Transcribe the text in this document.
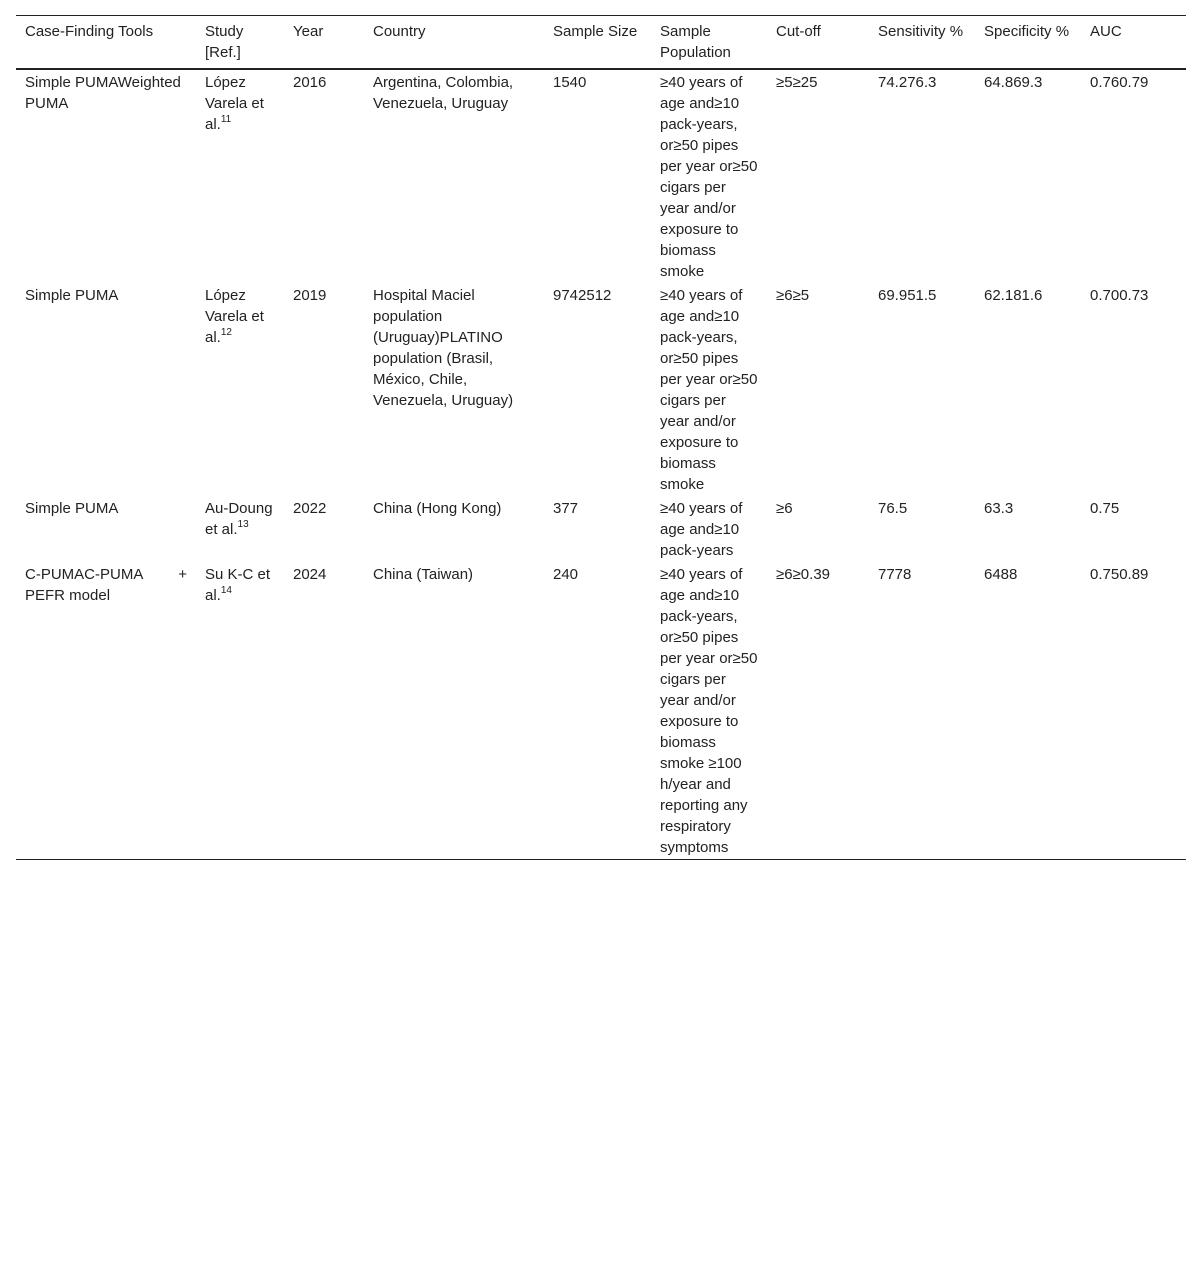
Case-Finding Tools	Study [Ref.]	Year	Country	Sample Size	Sample Population	Cut-off	Sensitivity %	Specificity %	AUC
Simple PUMAWeighted PUMA	López Varela et al.$^{11}$	2016	Argentina, Colombia, Venezuela, Uruguay	1540	≥40 years of age and≥10 pack-years, or≥50 pipes per year or≥50 cigars per year and/or exposure to biomass smoke	≥5≥25	74.276.3	64.869.3	0.760.79
Simple PUMA	López Varela et al.$^{12}$	2019	Hospital Maciel population (Uruguay)PLATINO population (Brasil, México, Chile, Venezuela, Uruguay)	9742512	≥40 years of age and≥10 pack-years, or≥50 pipes per year or≥50 cigars per year and/or exposure to biomass smoke	≥6≥5	69.951.5	62.181.6	0.700.73
Simple PUMA	Au-Doung et al.$^{13}$	2022	China (Hong Kong)	377	≥40 years of age and≥10 pack-years	≥6	76.5	63.3	0.75
C-PUMAC-PUMA + PEFR model	Su K-C et al.$^{14}$	2024	China (Taiwan)	240	≥40 years of age and≥10 pack-years, or≥50 pipes per year or≥50 cigars per year and/or exposure to biomass smoke ≥100 h/year and reporting any respiratory symptoms	≥6≥0.39	7778	6488	0.750.89
